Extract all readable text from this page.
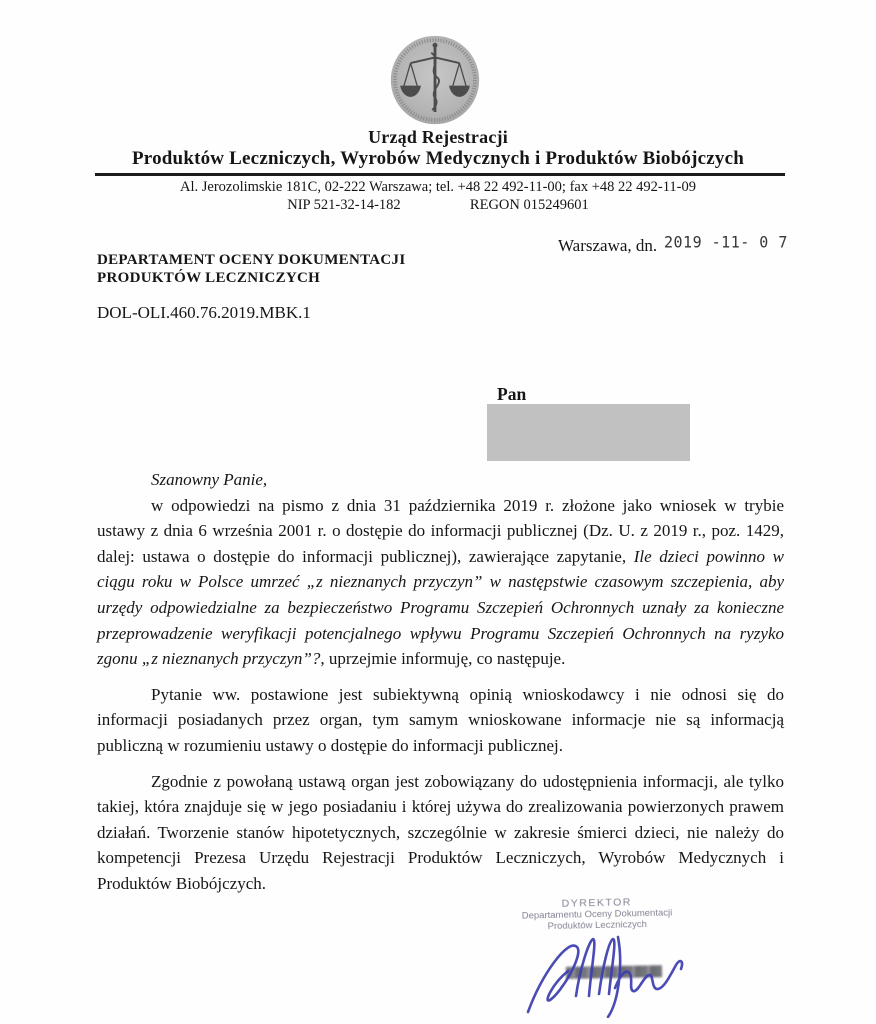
Urząd Rejestracji
Produktów Leczniczych, Wyrobów Medycznych i Produktów Biobójczych
Al. Jerozolimskie 181C, 02-222 Warszawa; tel. +48 22 492-11-00; fax +48 22 492-11-09
NIP 521-32-14-182	REGON 015249601
Warszawa, dn. 2019 -11- 0 7
DEPARTAMENT OCENY DOKUMENTACJI
PRODUKTÓW LECZNICZYCH
DOL-OLI.460.76.2019.MBK.1
Pan

Szanowny Panie,

w odpowiedzi na pismo z dnia 31 października 2019 r. złożone jako wniosek w trybie ustawy z dnia 6 września 2001 r. o dostępie do informacji publicznej (Dz. U. z 2019 r., poz. 1429, dalej: ustawa o dostępie do informacji publicznej), zawierające zapytanie, Ile dzieci powinno w ciągu roku w Polsce umrzeć „z nieznanych przyczyn” w następstwie czasowym szczepienia, aby urzędy odpowiedzialne za bezpieczeństwo Programu Szczepień Ochronnych uznały za konieczne przeprowadzenie weryfikacji potencjalnego wpływu Programu Szczepień Ochronnych na ryzyko zgonu „z nieznanych przyczyn”?, uprzejmie informuję, co następuje.

Pytanie ww. postawione jest subiektywną opinią wnioskodawcy i nie odnosi się do informacji posiadanych przez organ, tym samym wnioskowane informacje nie są informacją publiczną w rozumieniu ustawy o dostępie do informacji publicznej.

Zgodnie z powołaną ustawą organ jest zobowiązany do udostępnienia informacji, ale tylko takiej, która znajduje się w jego posiadaniu i której używa do zrealizowania powierzonych prawem działań. Tworzenie stanów hipotetycznych, szczególnie w zakresie śmierci dzieci, nie należy do kompetencji Prezesa Urzędu Rejestracji Produktów Leczniczych, Wyrobów Medycznych i Produktów Biobójczych.

DYREKTOR
Departamentu Oceny Dokumentacji
Produktów Leczniczych
